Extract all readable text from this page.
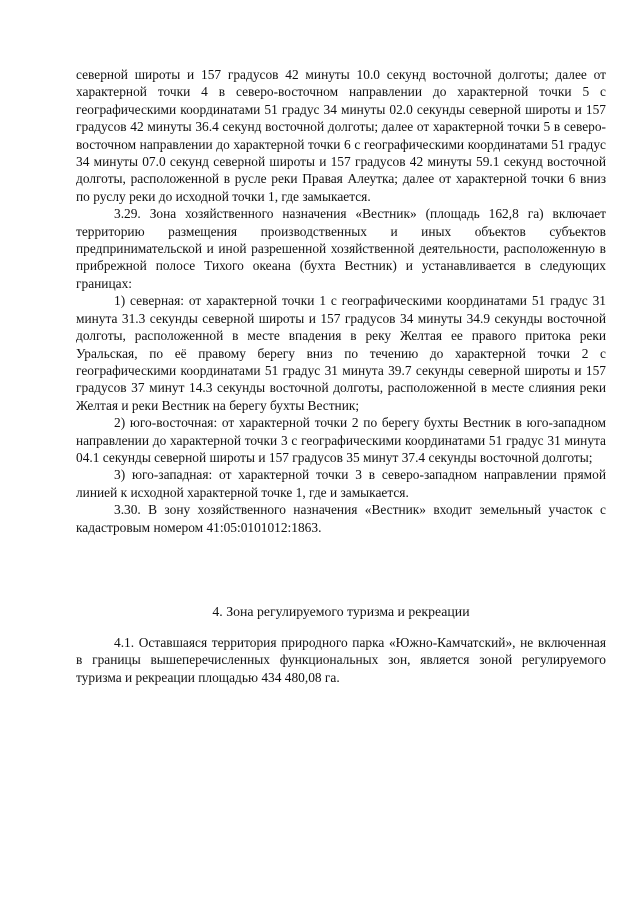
северной широты и 157 градусов 42 минуты 10.0 секунд восточной долготы; далее от характерной точки 4 в северо-восточном направлении до характерной точки 5 с географическими координатами 51 градус 34 минуты 02.0 секунды северной широты и 157 градусов 42 минуты 36.4 секунд восточной долготы; далее от характерной точки 5 в северо-восточном направлении до характерной точки 6 с географическими координатами 51 градус 34 минуты 07.0 секунд северной широты и 157 градусов 42 минуты 59.1 секунд восточной долготы, расположенной в русле реки Правая Алеутка; далее от характерной точки 6 вниз по руслу реки до исходной точки 1, где замыкается.

3.29. Зона хозяйственного назначения «Вестник» (площадь 162,8 га) включает территорию размещения производственных и иных объектов субъектов предпринимательской и иной разрешенной хозяйственной деятельности, расположенную в прибрежной полосе Тихого океана (бухта Вестник) и устанавливается в следующих границах:

1) северная: от характерной точки 1 с географическими координатами 51 градус 31 минута 31.3 секунды северной широты и 157 градусов 34 минуты 34.9 секунды восточной долготы, расположенной в месте впадения в реку Желтая ее правого притока реки Уральская, по её правому берегу вниз по течению до характерной точки 2 с географическими координатами 51 градус 31 минута 39.7 секунды северной широты и 157 градусов 37 минут 14.3 секунды восточной долготы, расположенной в месте слияния реки Желтая и реки Вестник на берегу бухты Вестник;

2) юго-восточная: от характерной точки 2 по берегу бухты Вестник в юго-западном направлении до характерной точки 3 с географическими координатами 51 градус 31 минута 04.1 секунды северной широты и 157 градусов 35 минут 37.4 секунды восточной долготы;

3) юго-западная: от характерной точки 3 в северо-западном направлении прямой линией к исходной характерной точке 1, где и замыкается.

3.30. В зону хозяйственного назначения «Вестник» входит земельный участок с кадастровым номером 41:05:0101012:1863.

4. Зона регулируемого туризма и рекреации

4.1. Оставшаяся территория природного парка «Южно-Камчатский», не включенная в границы вышеперечисленных функциональных зон, является зоной регулируемого туризма и рекреации площадью 434 480,08 га.
